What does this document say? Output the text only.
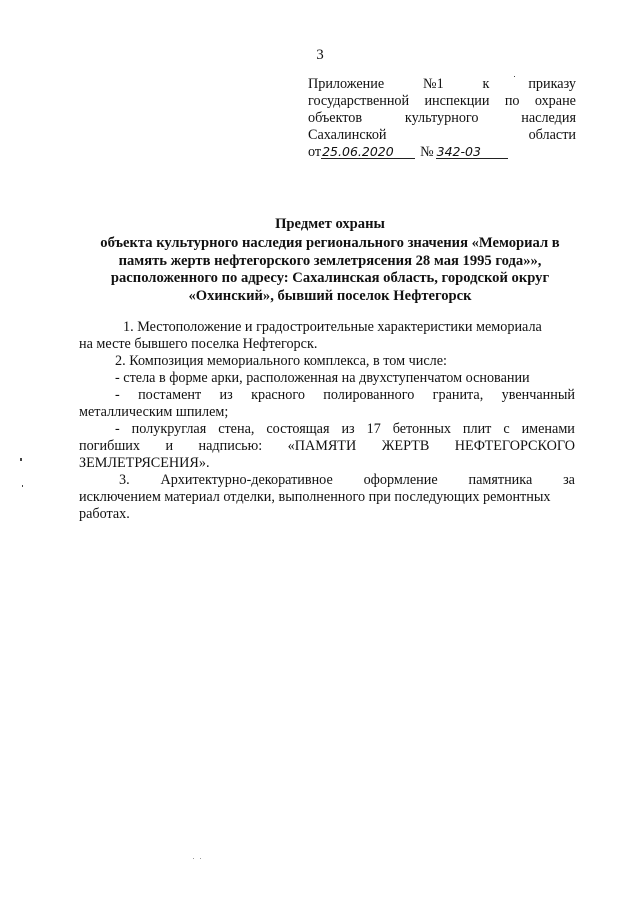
3
Приложение	№1	к	приказу
государственной инспекции по охране
объектов	культурного	наследия
Сахалинской	области
от 25.06.2020	№ 342-03
Предмет охраны
объекта культурного наследия регионального значения «Мемориал в
память жертв нефтегорского землетрясения 28 мая 1995 года»»,
расположенного по адресу: Сахалинская область, городской округ
«Охинский», бывший поселок Нефтегорск
1. Местоположение и градостроительные характеристики мемориала
на месте бывшего поселка Нефтегорск.
2. Композиция мемориального комплекса, в том числе:
- стела в форме арки, расположенная на двухступенчатом основании
- постамент из красного полированного гранита, увенчанный
металлическим шпилем;
- полукруглая стена, состоящая из 17 бетонных плит с именами
погибших и надписью: «ПАМЯТИ ЖЕРТВ НЕФТЕГОРСКОГО
ЗЕМЛЕТРЯСЕНИЯ».
3. Архитектурно-декоративное оформление памятника за
исключением материал отделки, выполненного при последующих ремонтных
работах.
